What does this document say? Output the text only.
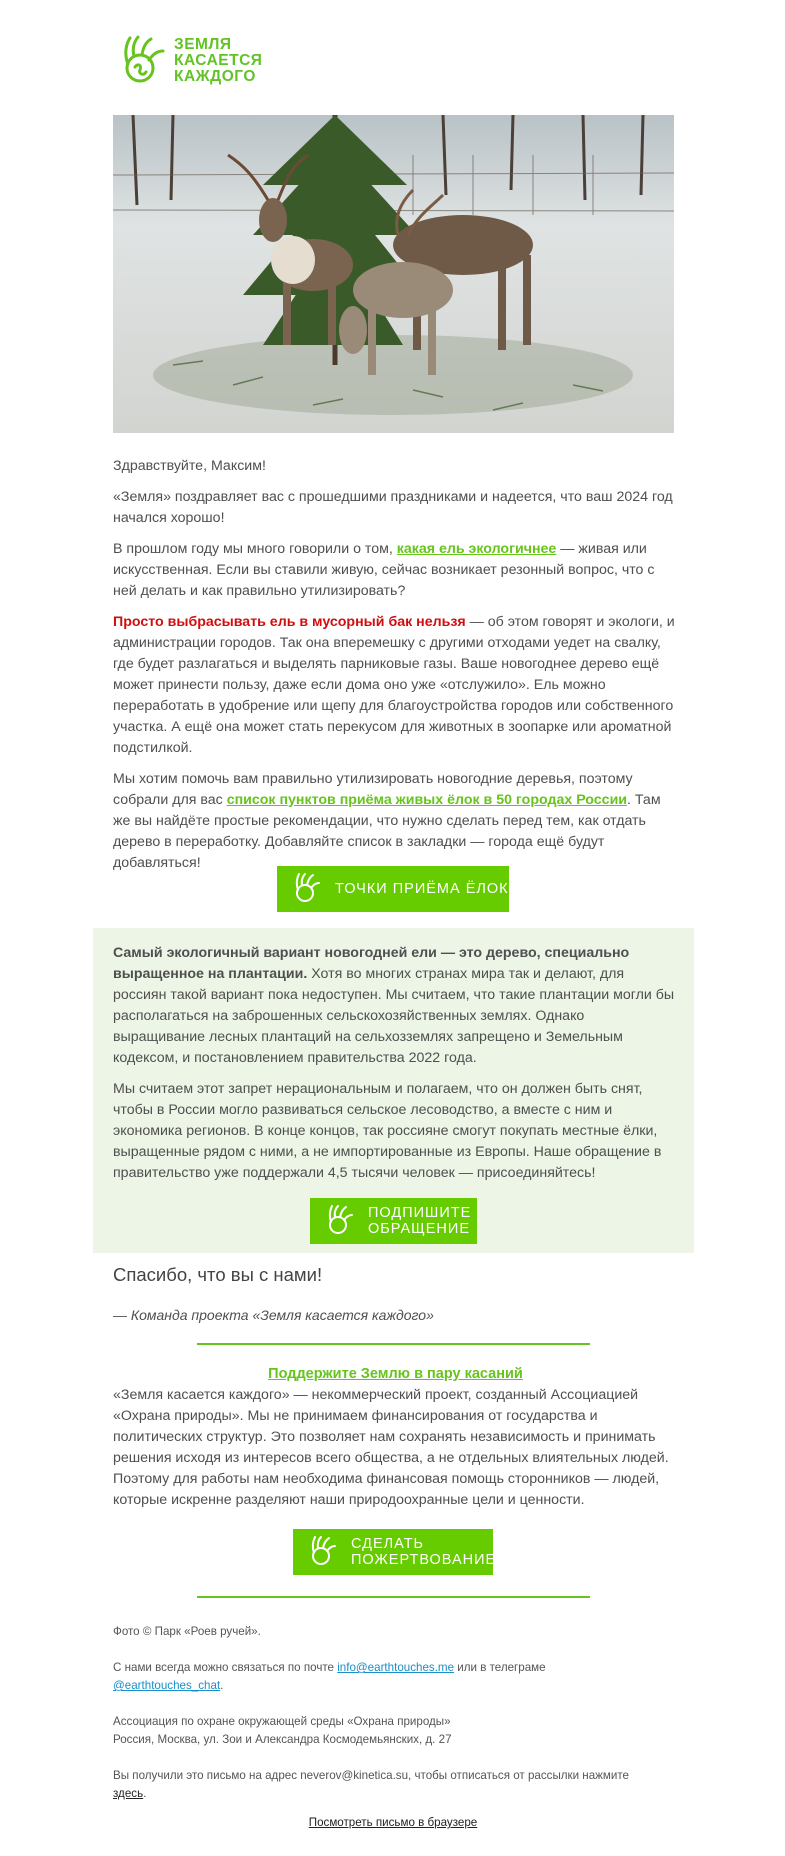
ЗЕМЛЯ
КАСАЕТСЯ
КАЖДОГО

Здравствуйте, Максим!

«Земля» поздравляет вас с прошедшими праздниками и надеется, что ваш 2024 год начался хорошо!

В прошлом году мы много говорили о том, какая ель экологичнее — живая или искусственная. Если вы ставили живую, сейчас возникает резонный вопрос, что с ней делать и как правильно утилизировать?

Просто выбрасывать ель в мусорный бак нельзя — об этом говорят и экологи, и администрации городов. Так она вперемешку с другими отходами уедет на свалку, где будет разлагаться и выделять парниковые газы. Ваше новогоднее дерево ещё может принести пользу, даже если дома оно уже «отслужило». Ель можно переработать в удобрение или щепу для благоустройства городов или собственного участка. А ещё она может стать перекусом для животных в зоопарке или ароматной подстилкой.

Мы хотим помочь вам правильно утилизировать новогодние деревья, поэтому собрали для вас список пунктов приёма живых ёлок в 50 городах России. Там же вы найдёте простые рекомендации, что нужно сделать перед тем, как отдать дерево в переработку. Добавляйте список в закладки — города ещё будут добавляться!

ТОЧКИ ПРИЁМА ЁЛОК

Самый экологичный вариант новогодней ели — это дерево, специально выращенное на плантации. Хотя во многих странах мира так и делают, для россиян такой вариант пока недоступен. Мы считаем, что такие плантации могли бы располагаться на заброшенных сельскохозяйственных землях. Однако выращивание лесных плантаций на сельхозземлях запрещено и Земельным кодексом, и постановлением правительства 2022 года.

Мы считаем этот запрет нерациональным и полагаем, что он должен быть снят, чтобы в России могло развиваться сельское лесоводство, а вместе с ним и экономика регионов. В конце концов, так россияне смогут покупать местные ёлки, выращенные рядом с ними, а не импортированные из Европы. Наше обращение в правительство уже поддержали 4,5 тысячи человек — присоединяйтесь!

ПОДПИШИТЕ
ОБРАЩЕНИЕ
Спасибо, что вы с нами!
— Команда проекта «Земля касается каждого»
Поддержите Землю в пару касаний
«Земля касается каждого» — некоммерческий проект, созданный Ассоциацией «Охрана природы». Мы не принимаем финансирования от государства и политических структур. Это позволяет нам сохранять независимость и принимать решения исходя из интересов всего общества, а не отдельных влиятельных людей. Поэтому для работы нам необходима финансовая помощь сторонников — людей, которые искренне разделяют наши природоохранные цели и ценности.
СДЕЛАТЬ
ПОЖЕРТВОВАНИЕ
Фото © Парк «Роев ручей».
С нами всегда можно связаться по почте info@earthtouches.me или в телеграме
@earthtouches_chat.
Ассоциация по охране окружающей среды «Охрана природы»
Россия, Москва, ул. Зои и Александра Космодемьянских, д. 27
Вы получили это письмо на адрес neverov@kinetica.su, чтобы отписаться от рассылки нажмите
здесь.
Посмотреть письмо в браузере
